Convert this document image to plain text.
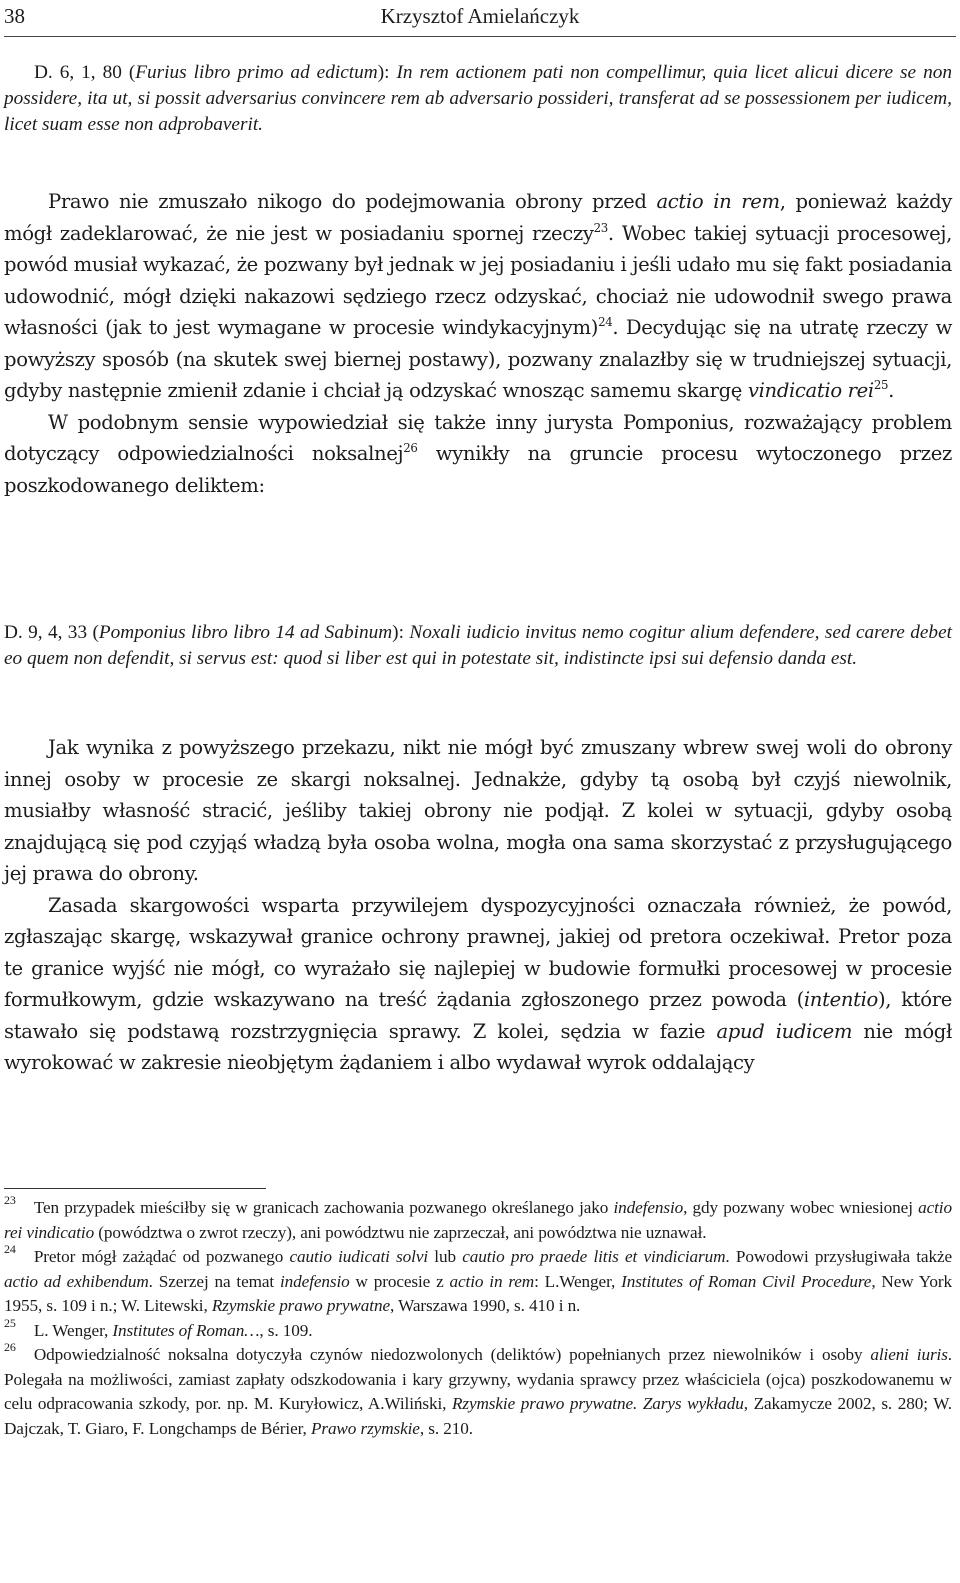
38	Krzysztof Amielańczyk

D. 6, 1, 80 (Furius libro primo ad edictum): In rem actionem pati non compellimur, quia licet alicui dicere se non possidere, ita ut, si possit adversarius convincere rem ab adversario possideri, transferat ad se possessionem per iudicem, licet suam esse non adprobaverit.

Prawo nie zmuszało nikogo do podejmowania obrony przed actio in rem, ponieważ każdy mógł zadeklarować, że nie jest w posiadaniu spornej rzeczy$^{23}$. Wobec takiej sytuacji procesowej, powód musiał wykazać, że pozwany był jednak w jej posiadaniu i jeśli udało mu się fakt posiadania udowodnić, mógł dzięki nakazowi sędziego rzecz odzyskać, chociaż nie udowodnił swego prawa własności (jak to jest wymagane w procesie windykacyjnym)$^{24}$. Decydując się na utratę rzeczy w powyższy sposób (na skutek swej biernej postawy), pozwany znalazłby się w trudniejszej sytuacji, gdyby następnie zmienił zdanie i chciał ją odzyskać wnosząc samemu skargę vindicatio rei$^{25}$.

W podobnym sensie wypowiedział się także inny jurysta Pomponius, rozważający problem dotyczący odpowiedzialności noksalnej$^{26}$ wynikły na gruncie procesu wytoczonego przez poszkodowanego deliktem:

D. 9, 4, 33 (Pomponius libro libro 14 ad Sabinum): Noxali iudicio invitus nemo cogitur alium defendere, sed carere debet eo quem non defendit, si servus est: quod si liber est qui in potestate sit, indistincte ipsi sui defensio danda est.

Jak wynika z powyższego przekazu, nikt nie mógł być zmuszany wbrew swej woli do obrony innej osoby w procesie ze skargi noksalnej. Jednakże, gdyby tą osobą był czyjś niewolnik, musiałby własność stracić, jeśliby takiej obrony nie podjął. Z kolei w sytuacji, gdyby osobą znajdującą się pod czyjąś władzą była osoba wolna, mogła ona sama skorzystać z przysługującego jej prawa do obrony.

Zasada skargowości wsparta przywilejem dyspozycyjności oznaczała również, że powód, zgłaszając skargę, wskazywał granice ochrony prawnej, jakiej od pretora oczekiwał. Pretor poza te granice wyjść nie mógł, co wyrażało się najlepiej w budowie formułki procesowej w procesie formułkowym, gdzie wskazywano na treść żądania zgłoszonego przez powoda (intentio), które stawało się podstawą rozstrzygnięcia sprawy. Z kolei, sędzia w fazie apud iudicem nie mógł wyrokować w zakresie nieobjętym żądaniem i albo wydawał wyrok oddalający

$^{23}$ Ten przypadek mieściłby się w granicach zachowania pozwanego określanego jako indefensio, gdy pozwany wobec wniesionej actio rei vindicatio (powództwa o zwrot rzeczy), ani powództwu nie zaprzeczał, ani powództwa nie uznawał.

$^{24}$ Pretor mógł zażądać od pozwanego cautio iudicati solvi lub cautio pro praede litis et vindiciarum. Powodowi przysługiwała także actio ad exhibendum. Szerzej na temat indefensio w procesie z actio in rem: L.Wenger, Institutes of Roman Civil Procedure, New York 1955, s. 109 i n.; W. Litewski, Rzymskie prawo prywatne, Warszawa 1990, s. 410 i n.

$^{25}$ L. Wenger, Institutes of Roman…, s. 109.

$^{26}$ Odpowiedzialność noksalna dotyczyła czynów niedozwolonych (deliktów) popełnianych przez niewolników i osoby alieni iuris. Polegała na możliwości, zamiast zapłaty odszkodowania i kary grzywny, wydania sprawcy przez właściciela (ojca) poszkodowanemu w celu odpracowania szkody, por. np. M. Kuryłowicz, A.Wiliński, Rzymskie prawo prywatne. Zarys wykładu, Zakamycze 2002, s. 280; W. Dajczak, T. Giaro, F. Longchamps de Bérier, Prawo rzymskie, s. 210.
